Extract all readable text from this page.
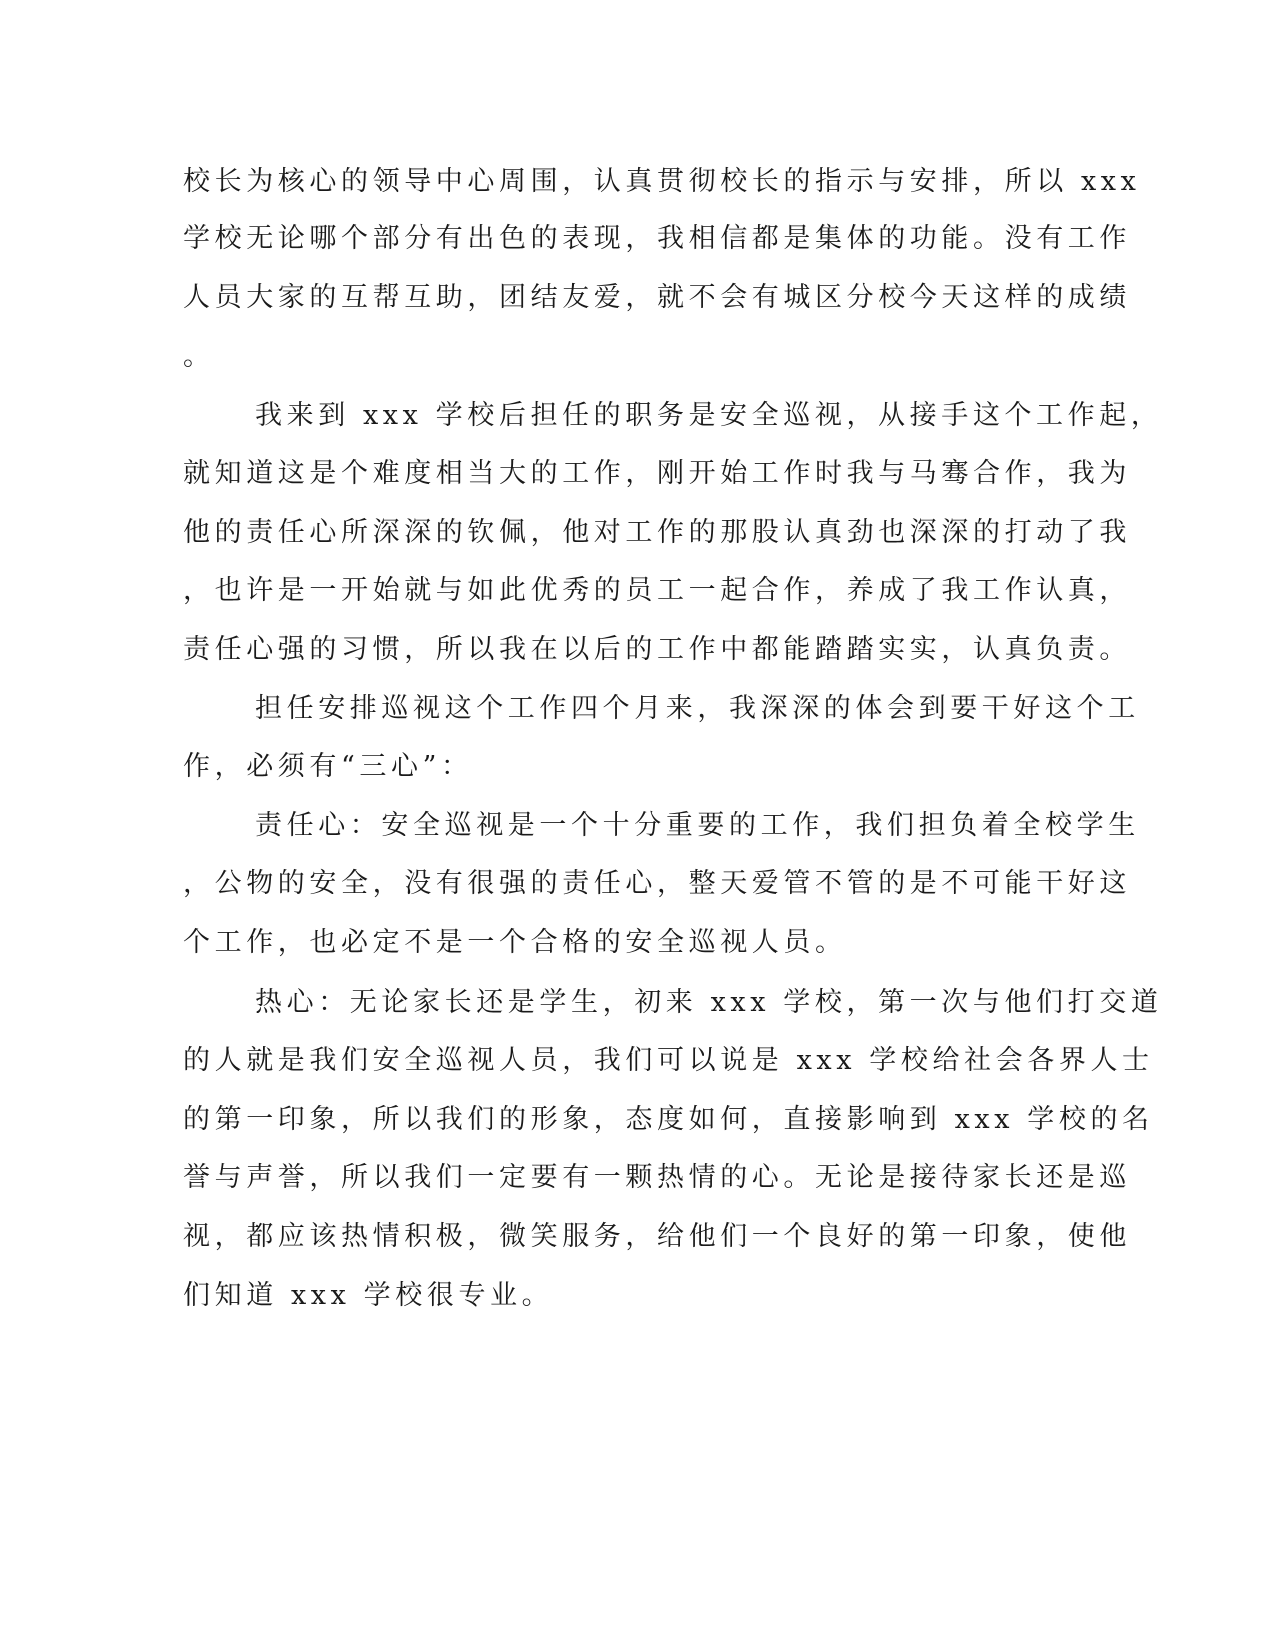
校长为核心的领导中心周围，认真贯彻校长的指示与安排，所以 xxx

学校无论哪个部分有出色的表现，我相信都是集体的功能。没有工作

人员大家的互帮互助，团结友爱，就不会有城区分校今天这样的成绩

。

我来到 xxx 学校后担任的职务是安全巡视，从接手这个工作起，

就知道这是个难度相当大的工作，刚开始工作时我与马骞合作，我为

他的责任心所深深的钦佩，他对工作的那股认真劲也深深的打动了我

，也许是一开始就与如此优秀的员工一起合作，养成了我工作认真，

责任心强的习惯，所以我在以后的工作中都能踏踏实实，认真负责。

担任安排巡视这个工作四个月来，我深深的体会到要干好这个工

作，必须有“三心”：

责任心：安全巡视是一个十分重要的工作，我们担负着全校学生

，公物的安全，没有很强的责任心，整天爱管不管的是不可能干好这

个工作，也必定不是一个合格的安全巡视人员。

热心：无论家长还是学生，初来 xxx 学校，第一次与他们打交道

的人就是我们安全巡视人员，我们可以说是 xxx 学校给社会各界人士

的第一印象，所以我们的形象，态度如何，直接影响到 xxx 学校的名

誉与声誉，所以我们一定要有一颗热情的心。无论是接待家长还是巡

视，都应该热情积极，微笑服务，给他们一个良好的第一印象，使他

们知道 xxx 学校很专业。
